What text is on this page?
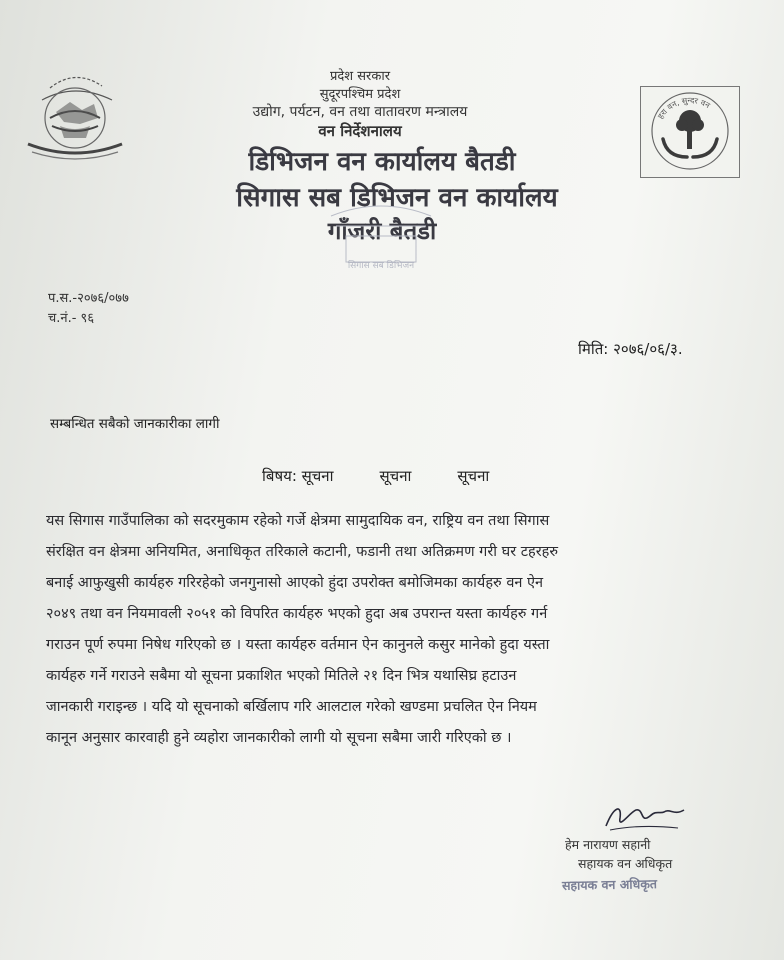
प्रदेश सरकार
सुदूरपश्चिम प्रदेश
उद्योग, पर्यटन, वन तथा वातावरण मन्त्रालय
वन निर्देशनालय
डिभिजन वन कार्यालय बैतडी
सिगास सब डिभिजन वन कार्यालय
गाँजरी बैतडी
सिगास सब डिभिजन
हरा वन, सुन्दर वन
प.स.-२०७६/०७७
च.नं.- ९६
मिति: २०७६/०६/३.
सम्बन्धित सबैको जानकारीका लागी
बिषय: सूचना	सूचना	सूचना
यस सिगास गाउँपालिका को सदरमुकाम रहेको गर्जे क्षेत्रमा सामुदायिक वन, राष्ट्रिय वन तथा सिगास
संरक्षित वन क्षेत्रमा अनियमित, अनाधिकृत तरिकाले कटानी, फडानी तथा अतिक्रमण गरी घर टहरहरु
बनाई आफुखुसी कार्यहरु गरिरहेको जनगुनासो आएको हुंदा उपरोक्त बमोजिमका कार्यहरु वन ऐन
२०४९ तथा वन नियमावली २०५१ को विपरित कार्यहरु भएको हुदा अब उपरान्त यस्ता कार्यहरु गर्न
गराउन पूर्ण रुपमा निषेध गरिएको छ । यस्ता कार्यहरु वर्तमान ऐन कानुनले कसुर मानेको हुदा यस्ता
कार्यहरु गर्ने गराउने सबैमा यो सूचना प्रकाशित भएको मितिले २१ दिन भित्र यथासिघ्र हटाउन
जानकारी गराइन्छ । यदि यो सूचनाको बर्खिलाप गरि आलटाल गरेको खण्डमा प्रचलित ऐन नियम
कानून अनुसार कारवाही हुने व्यहोरा जानकारीको लागी यो सूचना सबैमा जारी गरिएको छ ।
हेम नारायण सहानी
सहायक वन अधिकृत
सहायक वन अधिकृत
